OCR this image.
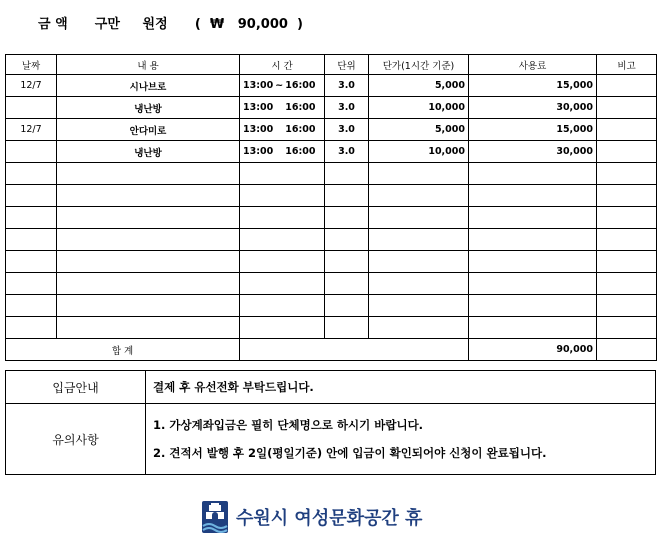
금 액      구만     원정 ( ₩   90,000 )
날짜	내 용	시 간	단위	단가(1시간 기준)	사용료	비고
12/7	시나브로	13:00 ~ 16:00	3.0	5,000	15,000	
	냉난방	13:00 16:00	3.0	10,000	30,000	
12/7	안다미로	13:00 16:00	3.0	5,000	15,000	
	냉난방	13:00 16:00	3.0	10,000	30,000	

합 계					90,000	
입금안내	결제 후 유선전화 부탁드립니다.

유의사항	1. 가상계좌입금은 필히 단체명으로 하시기 바랍니다.
2. 견적서 발행 후 2일(평일기준) 안에 입금이 확인되어야 신청이 완료됩니다.
수원시 여성문화공간 휴
